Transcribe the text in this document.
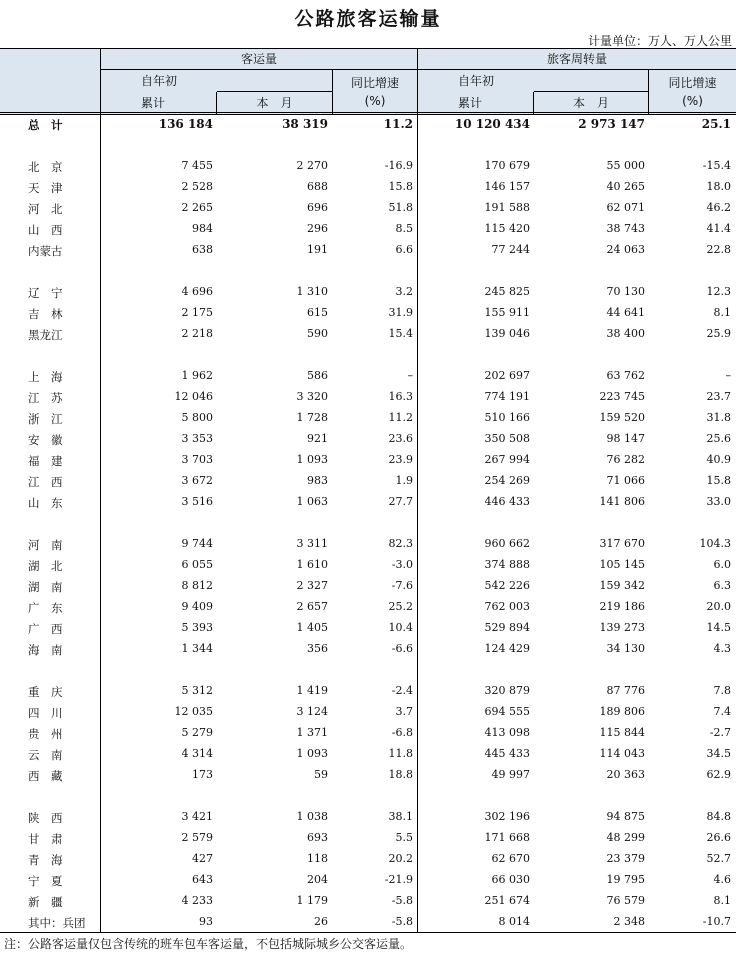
公路旅客运输量
计量单位：万人、万人公里
客运量	旅客周转量
自年初
累计	本　月
同比增速
(%)
自年初
累计	本　月
同比增速
(%)
总　计	136 184	38 319	11.2	10 120 434	2 973 147	25.1
北　京	7 455	2 270	-16.9	170 679	55 000	-15.4
天　津	2 528	688	15.8	146 157	40 265	18.0
河　北	2 265	696	51.8	191 588	62 071	46.2
山　西	984	296	8.5	115 420	38 743	41.4
内蒙古	638	191	6.6	77 244	24 063	22.8
辽　宁	4 696	1 310	3.2	245 825	70 130	12.3
吉　林	2 175	615	31.9	155 911	44 641	8.1
黑龙江	2 218	590	15.4	139 046	38 400	25.9
上　海	1 962	586	–	202 697	63 762	–
江　苏	12 046	3 320	16.3	774 191	223 745	23.7
浙　江	5 800	1 728	11.2	510 166	159 520	31.8
安　徽	3 353	921	23.6	350 508	98 147	25.6
福　建	3 703	1 093	23.9	267 994	76 282	40.9
江　西	3 672	983	1.9	254 269	71 066	15.8
山　东	3 516	1 063	27.7	446 433	141 806	33.0
河　南	9 744	3 311	82.3	960 662	317 670	104.3
湖　北	6 055	1 610	-3.0	374 888	105 145	6.0
湖　南	8 812	2 327	-7.6	542 226	159 342	6.3
广　东	9 409	2 657	25.2	762 003	219 186	20.0
广　西	5 393	1 405	10.4	529 894	139 273	14.5
海　南	1 344	356	-6.6	124 429	34 130	4.3
重　庆	5 312	1 419	-2.4	320 879	87 776	7.8
四　川	12 035	3 124	3.7	694 555	189 806	7.4
贵　州	5 279	1 371	-6.8	413 098	115 844	-2.7
云　南	4 314	1 093	11.8	445 433	114 043	34.5
西　藏	173	59	18.8	49 997	20 363	62.9
陕　西	3 421	1 038	38.1	302 196	94 875	84.8
甘　肃	2 579	693	5.5	171 668	48 299	26.6
青　海	427	118	20.2	62 670	23 379	52.7
宁　夏	643	204	-21.9	66 030	19 795	4.6
新　疆	4 233	1 179	-5.8	251 674	76 579	8.1
其中：兵团	93	26	-5.8	8 014	2 348	-10.7
注：公路客运量仅包含传统的班车包车客运量，不包括城际城乡公交客运量。
